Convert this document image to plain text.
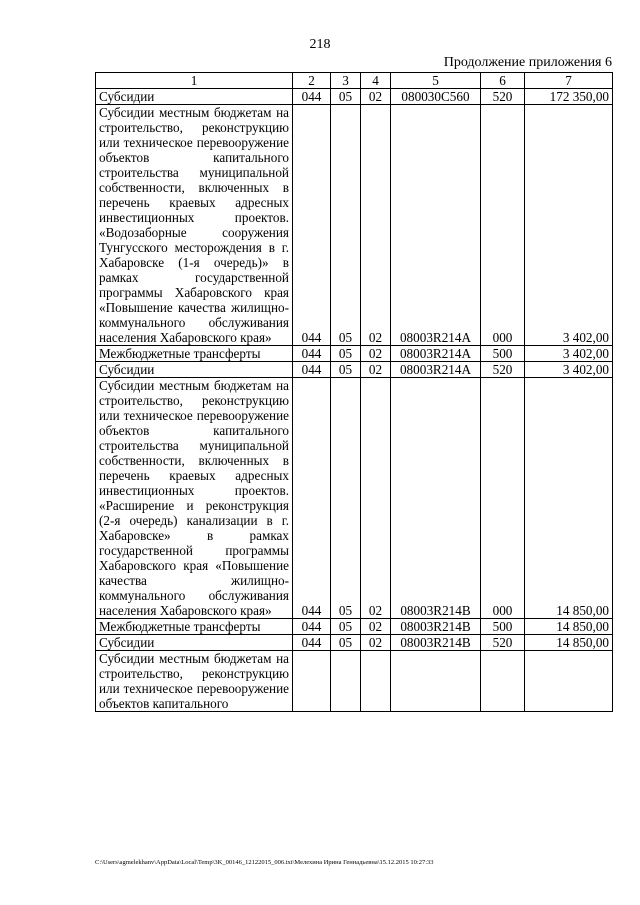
218
Продолжение приложения 6
1	2	3	4	5	6	7
Субсидии	044	05	02	080030С560	520	172 350,00
Субсидии местным бюджетам на строительство, реконструкцию или техническое перевооружение объектов капитального строительства муниципальной собственности, включенных в перечень краевых адресных инвестиционных проектов. «Водозаборные сооружения Тунгусского месторождения в г. Хабаровске (1-я очередь)» в рамках государственной программы Хабаровского края «Повышение качества жилищно-коммунального обслуживания населения Хабаровского края»	044	05	02	08003R214А	000	3 402,00
Межбюджетные трансферты	044	05	02	08003R214А	500	3 402,00
Субсидии	044	05	02	08003R214А	520	3 402,00
Субсидии местным бюджетам на строительство, реконструкцию или техническое перевооружение объектов капитального строительства муниципальной собственности, включенных в перечень краевых адресных инвестиционных проектов. «Расширение и реконструкция (2-я очередь) канализации в г. Хабаровске» в рамках государственной программы Хабаровского края «Повышение качества жилищно-коммунального обслуживания населения Хабаровского края»	044	05	02	08003R214В	000	14 850,00
Межбюджетные трансферты	044	05	02	08003R214В	500	14 850,00
Субсидии	044	05	02	08003R214В	520	14 850,00
Субсидии местным бюджетам на строительство, реконструкцию или техническое перевооружение объектов капитального						
C:\Users\agmelekhanv\AppData\Local\Temp\3K_00146_12122015_006.txt\Мелехина Ирина Геннадьевна\15.12.2015 10:27:33
